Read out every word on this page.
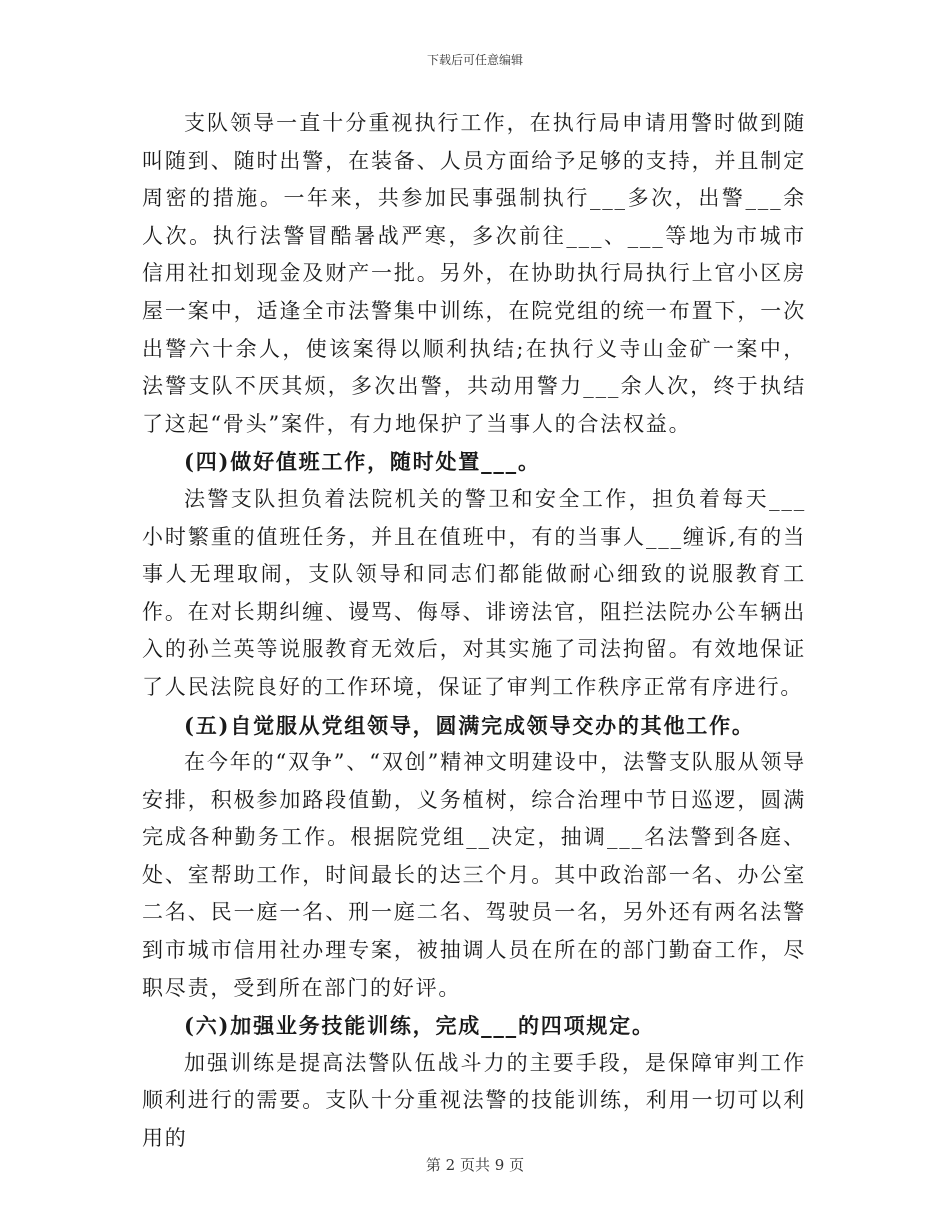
下载后可任意编辑

支队领导一直十分重视执行工作，在执行局申请用警时做到随叫随到、随时出警，在装备、人员方面给予足够的支持，并且制定周密的措施。一年来，共参加民事强制执行___多次，出警___余人次。执行法警冒酷暑战严寒，多次前往___、___等地为市城市信用社扣划现金及财产一批。另外，在协助执行局执行上官小区房屋一案中，适逢全市法警集中训练，在院党组的统一布置下，一次出警六十余人，使该案得以顺利执结;在执行义寺山金矿一案中，法警支队不厌其烦，多次出警，共动用警力___余人次，终于执结了这起“骨头”案件，有力地保护了当事人的合法权益。

(四)做好值班工作，随时处置___。

法警支队担负着法院机关的警卫和安全工作，担负着每天___小时繁重的值班任务，并且在值班中，有的当事人___缠诉,有的当事人无理取闹，支队领导和同志们都能做耐心细致的说服教育工作。在对长期纠缠、谩骂、侮辱、诽谤法官，阻拦法院办公车辆出入的孙兰英等说服教育无效后，对其实施了司法拘留。有效地保证了人民法院良好的工作环境，保证了审判工作秩序正常有序进行。

(五)自觉服从党组领导，圆满完成领导交办的其他工作。

在今年的“双争”、“双创”精神文明建设中，法警支队服从领导安排，积极参加路段值勤，义务植树，综合治理中节日巡逻，圆满完成各种勤务工作。根据院党组__决定，抽调___名法警到各庭、处、室帮助工作，时间最长的达三个月。其中政治部一名、办公室二名、民一庭一名、刑一庭二名、驾驶员一名，另外还有两名法警到市城市信用社办理专案，被抽调人员在所在的部门勤奋工作，尽职尽责，受到所在部门的好评。

(六)加强业务技能训练，完成___的四项规定。

加强训练是提高法警队伍战斗力的主要手段，是保障审判工作顺利进行的需要。支队十分重视法警的技能训练，利用一切可以利用的

第 2 页共 9 页
